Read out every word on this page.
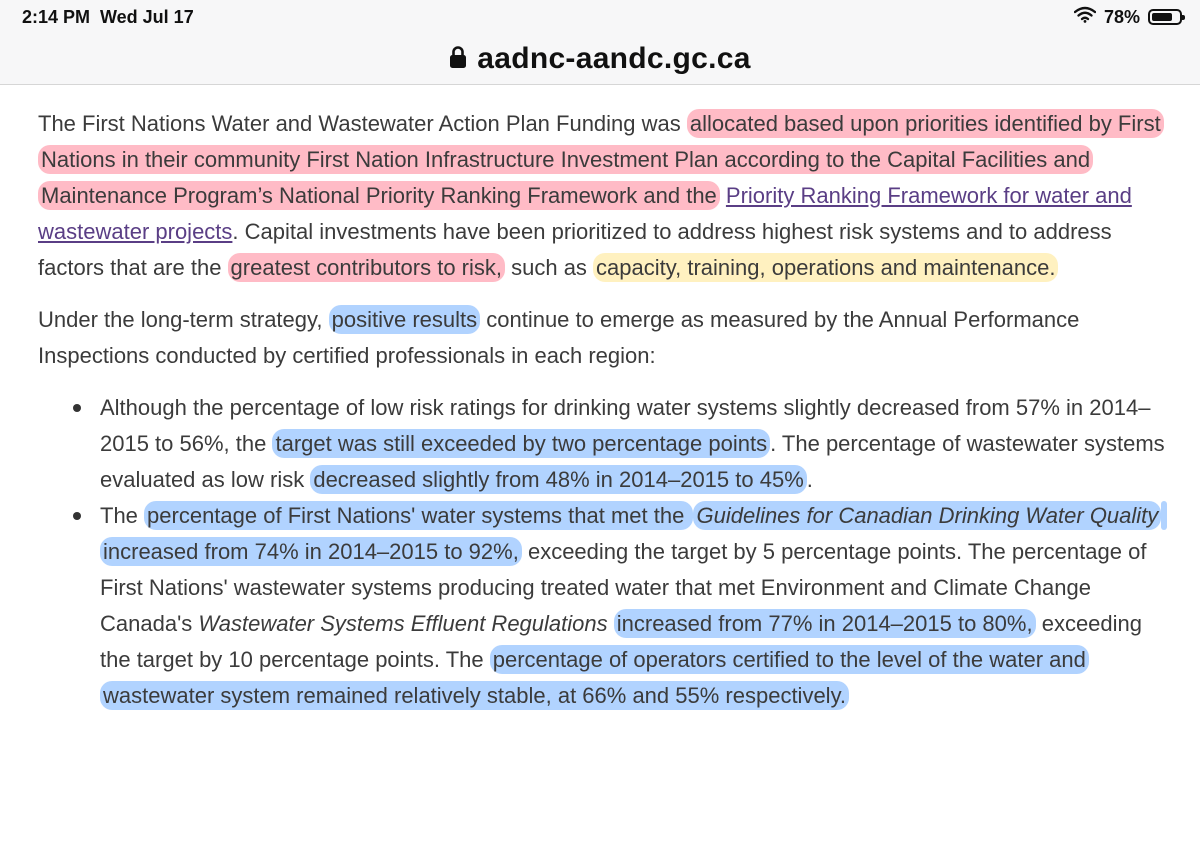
2:14 PM Wed Jul 17	78%
aadnc-aandc.gc.ca

The First Nations Water and Wastewater Action Plan Funding was allocated based upon priorities identified by First Nations in their community First Nation Infrastructure Investment Plan according to the Capital Facilities and Maintenance Program’s National Priority Ranking Framework and the Priority Ranking Framework for water and wastewater projects. Capital investments have been prioritized to address highest risk systems and to address factors that are the greatest contributors to risk, such as capacity, training, operations and maintenance.

Under the long-term strategy, positive results continue to emerge as measured by the Annual Performance Inspections conducted by certified professionals in each region:

Although the percentage of low risk ratings for drinking water systems slightly decreased from 57% in 2014–2015 to 56%, the target was still exceeded by two percentage points . The percentage of wastewater systems evaluated as low risk decreased slightly from 48% in 2014–2015 to 45% .
The percentage of First Nations' water systems that met the Guidelines for Canadian Drinking Water Quality increased from 74% in 2014–2015 to 92%, exceeding the target by 5 percentage points. The percentage of First Nations' wastewater systems producing treated water that met Environment and Climate Change Canada's Wastewater Systems Effluent Regulations increased from 77% in 2014–2015 to 80%, exceeding the target by 10 percentage points. The percentage of operators certified to the level of the water and wastewater system remained relatively stable, at 66% and 55% respectively.
